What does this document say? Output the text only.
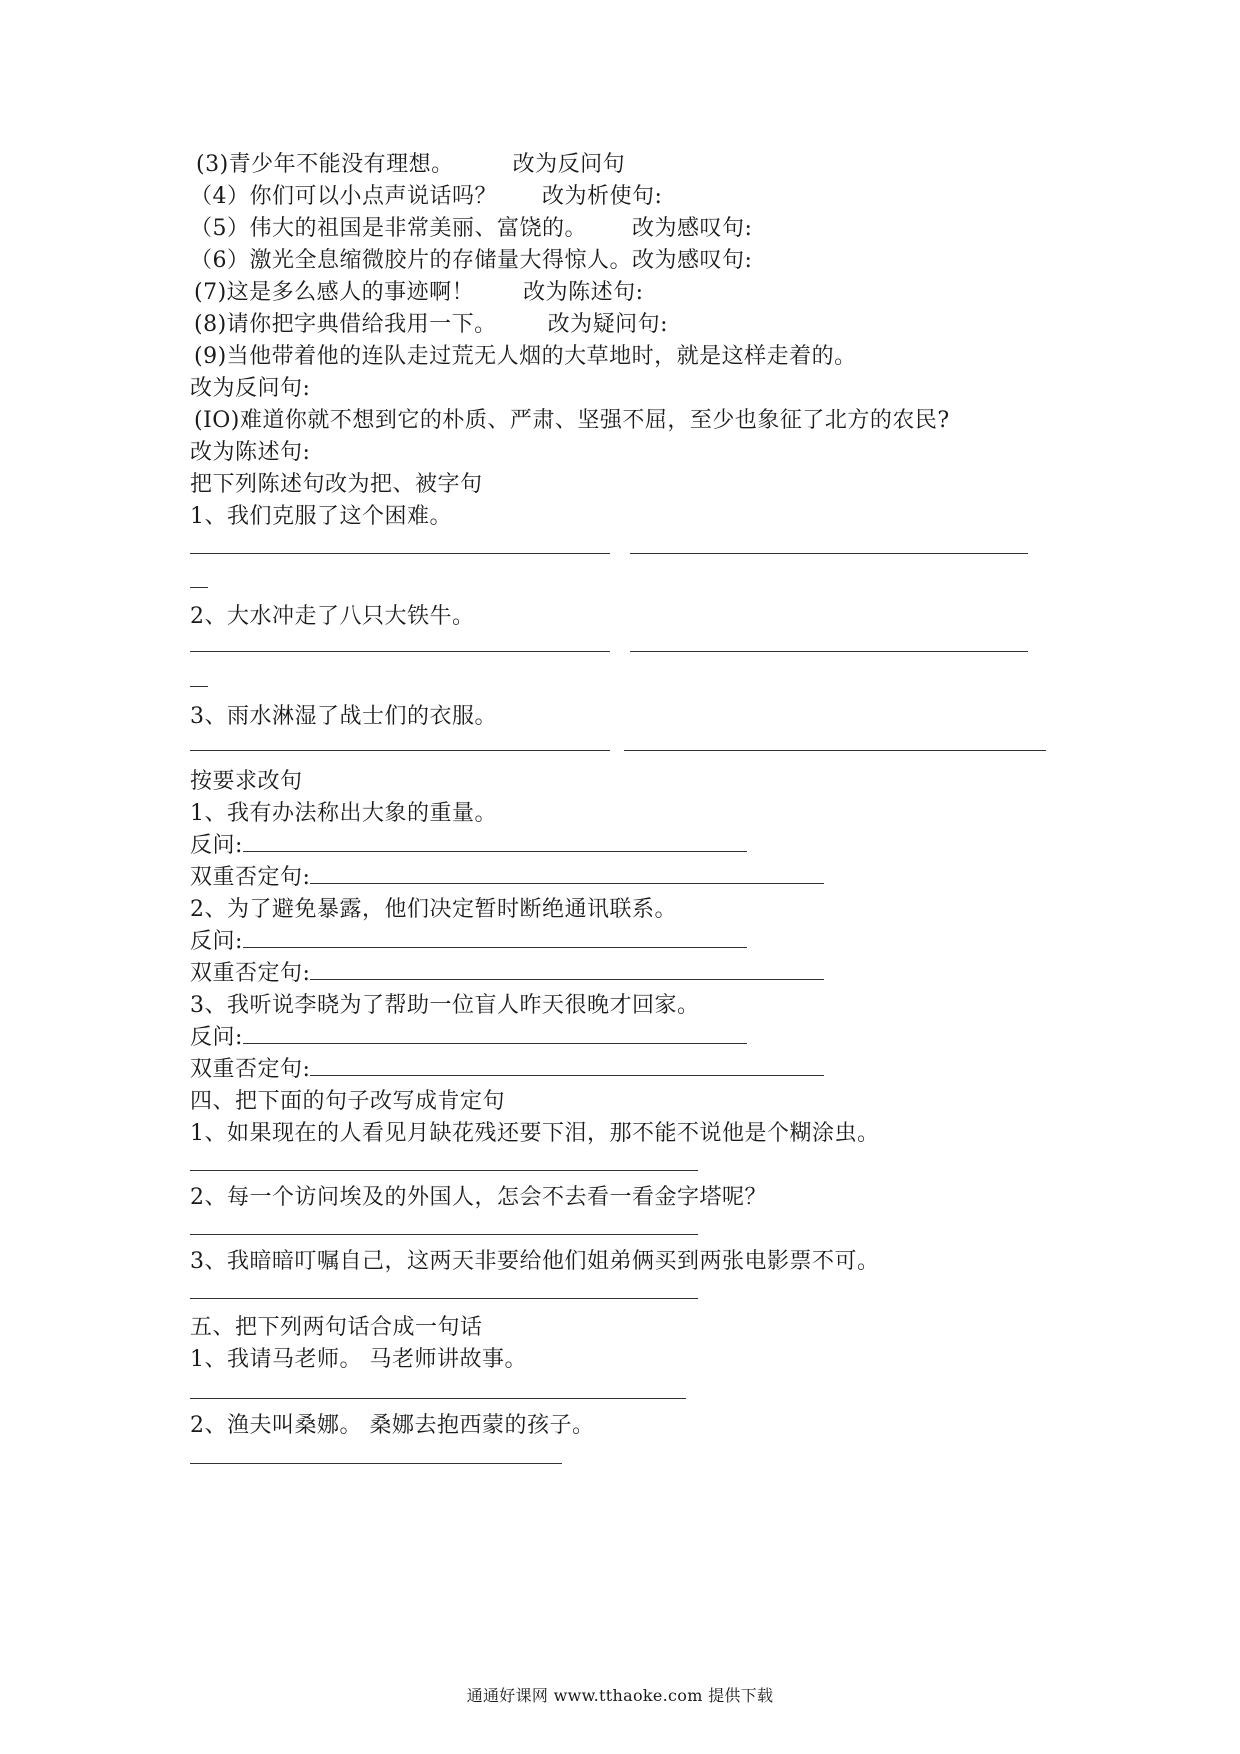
(3)青少年不能没有理想。	改为反问句
（4）你们可以小点声说话吗？ 改为析使句:
（5）伟大的祖国是非常美丽、富饶的。 改为感叹句:
（6）激光全息缩微胶片的存储量大得惊人。改为感叹句:
(7)这是多么感人的事迹啊！ 改为陈述句:
(8)请你把字典借给我用一下。 改为疑问句:
(9)当他带着他的连队走过荒无人烟的大草地时，就是这样走着的。
改为反问句:
(IO)难道你就不想到它的朴质、严肃、坚强不屈，至少也象征了北方的农民?
改为陈述句:
把下列陈述句改为把、被字句
1、我们克服了这个困难。
2、大水冲走了八只大铁牛。
3、雨水淋湿了战士们的衣服。
按要求改句
1、我有办法称出大象的重量。
反问:
双重否定句:
2、为了避免暴露，他们决定暂时断绝通讯联系。
反问:
双重否定句:
3、我听说李晓为了帮助一位盲人昨天很晚才回家。
反问:
双重否定句:
四、把下面的句子改写成肯定句
1、如果现在的人看见月缺花残还要下泪，那不能不说他是个糊涂虫。
2、每一个访问埃及的外国人，怎会不去看一看金字塔呢？
3、我暗暗叮嘱自己，这两天非要给他们姐弟俩买到两张电影票不可。
五、把下列两句话合成一句话
1、我请马老师。 马老师讲故事。
2、渔夫叫桑娜。 桑娜去抱西蒙的孩子。
通通好课网 www.tthaoke.com 提供下载
